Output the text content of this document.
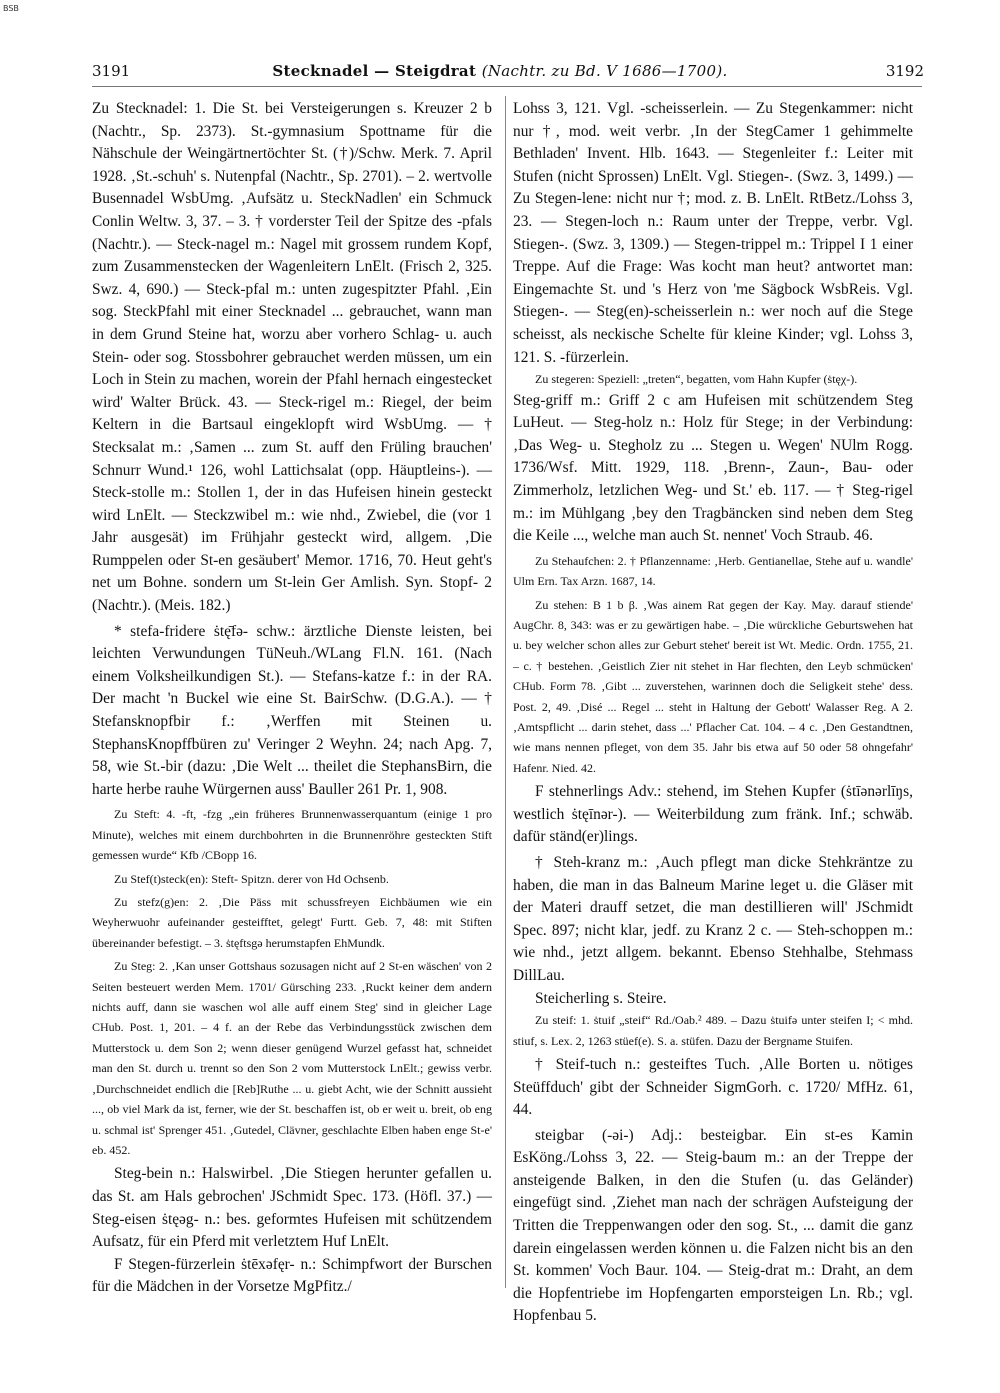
BSB
3191	Stecknadel — Steigdrat (Nachtr. zu Bd. V 1686—1700).	3192

Zu Stecknadel: 1. Die St. bei Versteigerungen s. Kreuzer 2 b (Nachtr., Sp. 2373). St.-gymnasium Spottname für die Nähschule der Weingärtnertöchter St. (†)/Schw. Merk. 7. April 1928. ‚St.-schuh' s. Nutenpfal (Nachtr., Sp. 2701). – 2. wertvolle Busennadel WsbUmg. ‚Aufsätz u. SteckNadlen' ein Schmuck Conlin Weltw. 3, 37. – 3. † vorderster Teil der Spitze des -pfals (Nachtr.). — Steck-nagel m.: Nagel mit grossem rundem Kopf, zum Zusammenstecken der Wagenleitern LnElt. (Frisch 2, 325. Swz. 4, 690.) — Steck-pfal m.: unten zugespitzter Pfahl. ‚Ein sog. SteckPfahl mit einer Stecknadel ... gebrauchet, wann man in dem Grund Steine hat, worzu aber vorhero Schlag- u. auch Stein- oder sog. Stossbohrer gebrauchet werden müssen, um ein Loch in Stein zu machen, worein der Pfahl hernach eingestecket wird' Walter Brück. 43. — Steck-rigel m.: Riegel, der beim Keltern in die Bartsaul eingeklopft wird WsbUmg. — † Stecksalat m.: ‚Samen ... zum St. auff den Früling brauchen' Schnurr Wund.¹ 126, wohl Lattichsalat (opp. Häuptleins-). — Steck-stolle m.: Stollen 1, der in das Hufeisen hinein gesteckt wird LnElt. — Steckzwibel m.: wie nhd., Zwiebel, die (vor 1 Jahr ausgesät) im Frühjahr gesteckt wird, allgem. ‚Die Rumppelen oder St-en gesäubert' Memor. 1716, 70. Heut geht's net um Bohne. sondern um St-lein Ger Amlish. Syn. Stopf- 2 (Nachtr.). (Meis. 182.)

* stefa-fridere ṡtę̄fə- schw.: ärztliche Dienste leisten, bei leichten Verwundungen TüNeuh./WLang Fl.N. 161. (Nach einem Volksheilkundigen St.). — Stefans-katze f.: in der RA. Der macht 'n Buckel wie eine St. BairSchw. (D.G.A.). — † Stefansknopfbir f.: ‚Werffen mit Steinen u. StephansKnopffbüren zu' Veringer 2 Weyhn. 24; nach Apg. 7, 58, wie St.-bir (dazu: ‚Die Welt ... theilet die StephansBirn, die harte herbe rauhe Würgernen auss' Bauller 261 Pr. 1, 908.

Zu Steft: 4. -ft, -fzg „ein früheres Brunnenwasserquantum (einige 1 pro Minute), welches mit einem durchbohrten in die Brunnenröhre gesteckten Stift gemessen wurde“ Kfb /CBopp 16.

Zu Stef(t)steck(en): Steft- Spitzn. derer von Hd Ochsenb.

Zu stefz(g)en: 2. ‚Die Päss mit schussfreyen Eichbäumen wie ein Weyherwuohr aufeinander gesteifftet, gelegt' Furtt. Geb. 7, 48: mit Stiften übereinander befestigt. – 3. ṡtęftsgə herumstapfen EhMundk.

Zu Steg: 2. ‚Kan unser Gottshaus sozusagen nicht auf 2 St-en wäschen' von 2 Seiten besteuert werden Mem. 1701/ Gürsching 233. ‚Ruckt keiner dem andern nichts auff, dann sie waschen wol alle auff einem Steg' sind in gleicher Lage CHub. Post. 1, 201. – 4 f. an der Rebe das Verbindungsstück zwischen dem Mutterstock u. dem Son 2; wenn dieser genügend Wurzel gefasst hat, schneidet man den St. durch u. trennt so den Son 2 vom Mutterstock LnElt.; gewiss verbr. ‚Durchschneidet endlich die [Reb]Ruthe ... u. giebt Acht, wie der Schnitt aussieht ..., ob viel Mark da ist, ferner, wie der St. beschaffen ist, ob er weit u. breit, ob eng u. schmal ist' Sprenger 451. ‚Gutedel, Clävner, geschlachte Elben haben enge St-e' eb. 452.

Steg-bein n.: Halswirbel. ‚Die Stiegen herunter gefallen u. das St. am Hals gebrochen' JSchmidt Spec. 173. (Höfl. 37.) — Steg-eisen ṡtęəg- n.: bes. geformtes Hufeisen mit schützendem Aufsatz, für ein Pferd mit verletztem Huf LnElt.

F Stegen-fürzerlein ṡtēxəfęr- n.: Schimpfwort der Burschen für die Mädchen in der Vorsetze MgPfitz./

Lohss 3, 121. Vgl. -scheisserlein. — Zu Stegenkammer: nicht nur †, mod. weit verbr. ‚In der StegCamer 1 gehimmelte Bethladen' Invent. Hlb. 1643. — Stegenleiter f.: Leiter mit Stufen (nicht Sprossen) LnElt. Vgl. Stiegen-. (Swz. 3, 1499.) — Zu Stegen-lene: nicht nur †; mod. z. B. LnElt. RtBetz./Lohss 3, 23. — Stegen-loch n.: Raum unter der Treppe, verbr. Vgl. Stiegen-. (Swz. 3, 1309.) — Stegen-trippel m.: Trippel I 1 einer Treppe. Auf die Frage: Was kocht man heut? antwortet man: Eingemachte St. und 's Herz von 'me Sägbock WsbReis. Vgl. Stiegen-. — Steg(en)-scheisserlein n.: wer noch auf die Stege scheisst, als neckische Schelte für kleine Kinder; vgl. Lohss 3, 121. S. -fürzerlein.

Zu stegeren: Speziell: „treten“, begatten, vom Hahn Kupfer (ṡtęχ-).

Steg-griff m.: Griff 2 c am Hufeisen mit schützendem Steg LuHeut. — Steg-holz n.: Holz für Stege; in der Verbindung: ‚Das Weg- u. Stegholz zu ... Stegen u. Wegen' NUlm Rogg. 1736/Wsf. Mitt. 1929, 118. ‚Brenn-, Zaun-, Bau- oder Zimmerholz, letzlichen Weg- und St.' eb. 117. — † Steg-rigel m.: im Mühlgang ‚bey den Tragbäncken sind neben dem Steg die Keile ..., welche man auch St. nennet' Voch Straub. 46.

Zu Stehaufchen: 2. † Pflanzenname: ‚Herb. Gentianellae, Stehe auf u. wandle' Ulm Ern. Tax Arzn. 1687, 14.

Zu stehen: B 1 b β. ‚Was ainem Rat gegen der Kay. May. darauf stiende' AugChr. 8, 343: was er zu gewärtigen habe. – ‚Die würckliche Geburtswehen hat u. bey welcher schon alles zur Geburt stehet' bereit ist Wt. Medic. Ordn. 1755, 21. – c. † bestehen. ‚Geistlich Zier nit stehet in Har flechten, den Leyb schmücken' CHub. Form 78. ‚Gibt ... zuverstehen, warinnen doch die Seligkeit stehe' dess. Post. 2, 49. ‚Disé ... Regel ... steht in Haltung der Gebott' Walasser Reg. A 2. ‚Amtspflicht ... darin stehet, dass ...' Pflacher Cat. 104. – 4 c. ‚Den Gestandtnen, wie mans nennen pfleget, von dem 35. Jahr bis etwa auf 50 oder 58 ohngefahr' Hafenr. Nied. 42.

F stehnerlings Adv.: stehend, im Stehen Kupfer (ṡtīənərlīŋs, westlich ṡtęīnər-). — Weiterbildung zum fränk. Inf.; schwäb. dafür ständ(er)lings.

† Steh-kranz m.: ‚Auch pflegt man dicke Stehkräntze zu haben, die man in das Balneum Marine leget u. die Gläser mit der Materi drauff setzet, die man destillieren will' JSchmidt Spec. 897; nicht klar, jedf. zu Kranz 2 c. — Steh-schoppen m.: wie nhd., jetzt allgem. bekannt. Ebenso Stehhalbe, Stehmass DillLau.

Steicherling s. Steire.

Zu steif: 1. ṡtuif „steif“ Rd./Oab.² 489. – Dazu ṡtuifə unter steifen I; < mhd. stiuf, s. Lex. 2, 1263 stüef(e). S. a. stüfen. Dazu der Bergname Stuifen.

† Steif-tuch n.: gesteiftes Tuch. ‚Alle Borten u. nötiges Steüffduch' gibt der Schneider SigmGorh. c. 1720/ MfHz. 61, 44.

steigbar (-əi-) Adj.: besteigbar. Ein st-es Kamin EsKöng./Lohss 3, 22. — Steig-baum m.: an der Treppe der ansteigende Balken, in den die Stufen (u. das Geländer) eingefügt sind. ‚Ziehet man nach der schrägen Aufsteigung der Tritten die Treppenwangen oder den sog. St., ... damit die ganz darein eingelassen werden können u. die Falzen nicht bis an den St. kommen' Voch Baur. 104. — Steig-drat m.: Draht, an dem die Hopfentriebe im Hopfengarten emporsteigen Ln. Rb.; vgl. Hopfenbau 5.
